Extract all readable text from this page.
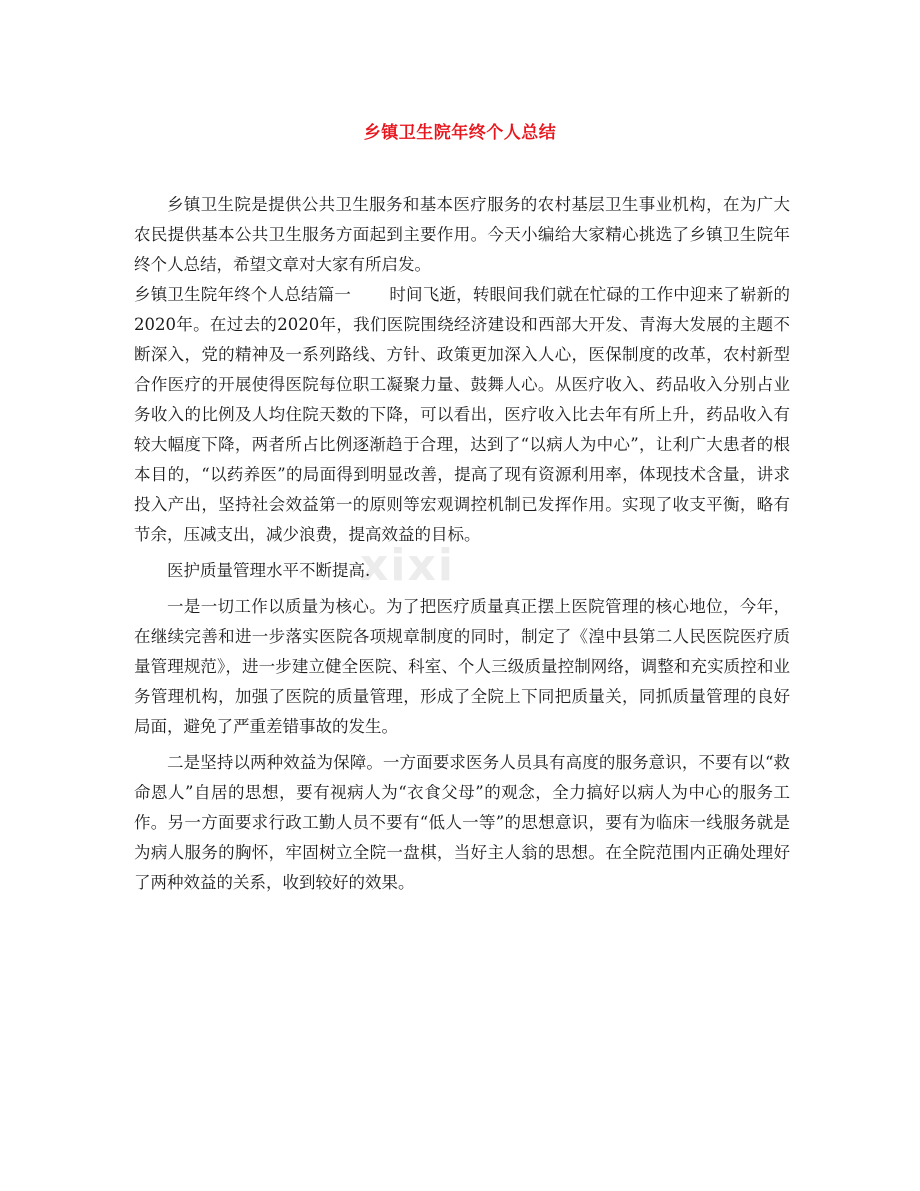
xixi
乡镇卫生院年终个人总结

乡镇卫生院是提供公共卫生服务和基本医疗服务的农村基层卫生事业机构，在为广大农民提供基本公共卫生服务方面起到主要作用。今天小编给大家精心挑选了乡镇卫生院年终个人总结，希望文章对大家有所启发。

乡镇卫生院年终个人总结篇一 时间飞逝，转眼间我们就在忙碌的工作中迎来了崭新的2020年。在过去的2020年，我们医院围绕经济建设和西部大开发、青海大发展的主题不断深入，党的精神及一系列路线、方针、政策更加深入人心，医保制度的改革，农村新型合作医疗的开展使得医院每位职工凝聚力量、鼓舞人心。从医疗收入、药品收入分别占业务收入的比例及人均住院天数的下降，可以看出，医疗收入比去年有所上升，药品收入有较大幅度下降，两者所占比例逐渐趋于合理，达到了“以病人为中心”，让利广大患者的根本目的，“以药养医”的局面得到明显改善，提高了现有资源利用率，体现技术含量，讲求投入产出，坚持社会效益第一的原则等宏观调控机制已发挥作用。实现了收支平衡，略有节余，压减支出，减少浪费，提高效益的目标。

医护质量管理水平不断提高.

一是一切工作以质量为核心。为了把医疗质量真正摆上医院管理的核心地位，今年，在继续完善和进一步落实医院各项规章制度的同时，制定了《湟中县第二人民医院医疗质量管理规范》，进一步建立健全医院、科室、个人三级质量控制网络，调整和充实质控和业务管理机构，加强了医院的质量管理，形成了全院上下同把质量关，同抓质量管理的良好局面，避免了严重差错事故的发生。

二是坚持以两种效益为保障。一方面要求医务人员具有高度的服务意识，不要有以“救命恩人”自居的思想，要有视病人为“衣食父母”的观念，全力搞好以病人为中心的服务工作。另一方面要求行政工勤人员不要有“低人一等”的思想意识，要有为临床一线服务就是为病人服务的胸怀，牢固树立全院一盘棋，当好主人翁的思想。在全院范围内正确处理好了两种效益的关系，收到较好的效果。
